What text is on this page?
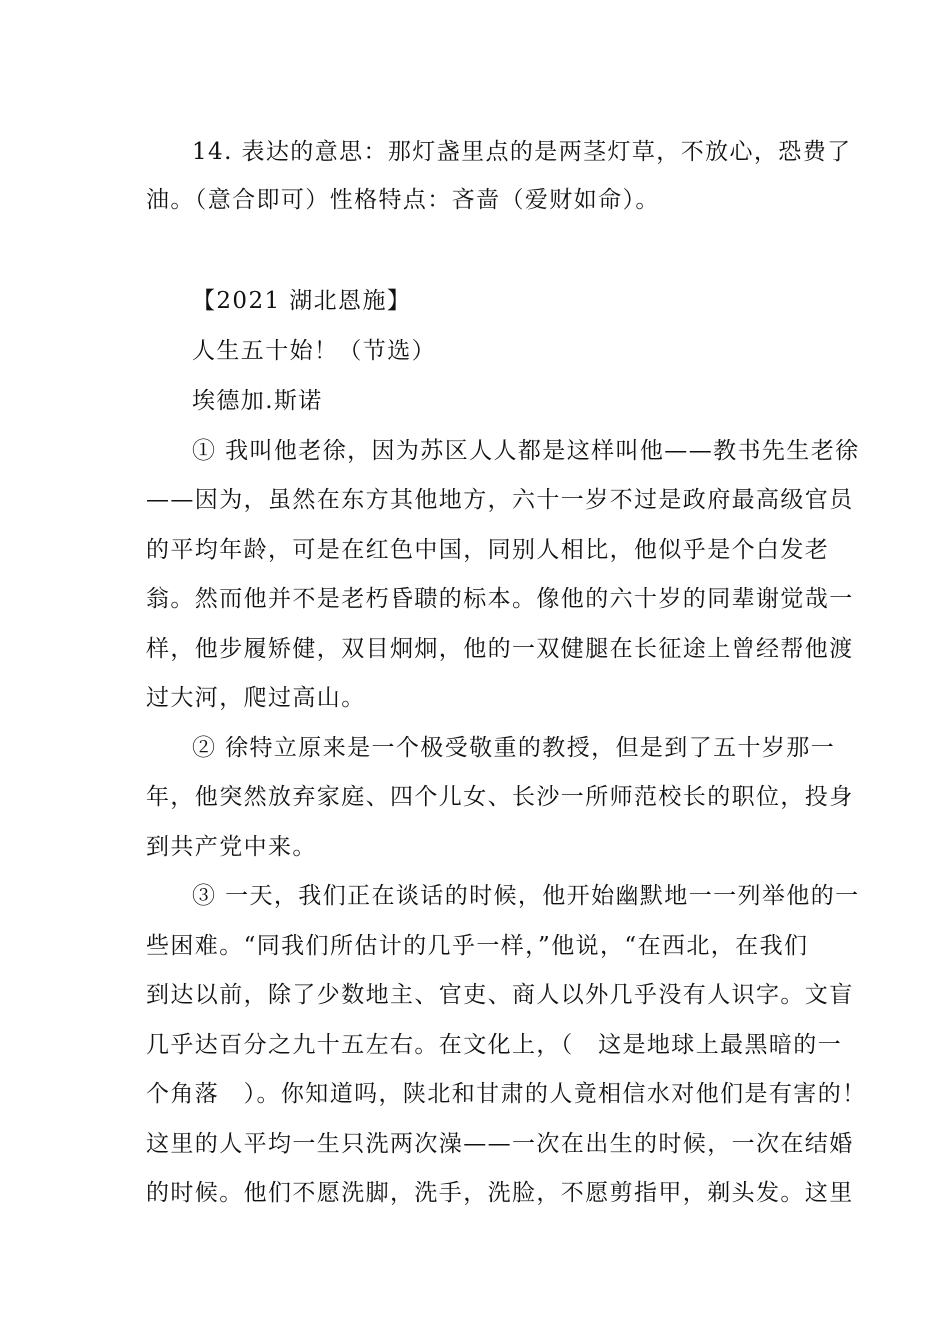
14. 表达的意思：那灯盏里点的是两茎灯草，不放心，恐费了
油。（意合即可）性格特点：吝啬（爱财如命）。
【2021 湖北恩施】
人生五十始！（节选）
埃德加.斯诺
① 我叫他老徐，因为苏区人人都是这样叫他——教书先生老徐
——因为，虽然在东方其他地方，六十一岁不过是政府最高级官员
的平均年龄，可是在红色中国，同别人相比，他似乎是个白发老
翁。然而他并不是老朽昏聩的标本。像他的六十岁的同辈谢觉哉一
样，他步履矫健，双目炯炯，他的一双健腿在长征途上曾经帮他渡
过大河，爬过高山。
② 徐特立原来是一个极受敬重的教授，但是到了五十岁那一
年，他突然放弃家庭、四个儿女、长沙一所师范校长的职位，投身
到共产党中来。
③ 一天，我们正在谈话的时候，他开始幽默地一一列举他的一
些困难。“同我们所估计的几乎一样，”他说，“在西北，在我们
到达以前，除了少数地主、官吏、商人以外几乎没有人识字。文盲
几乎达百分之九十五左右。在文化上，（　这是地球上最黑暗的一
个角落　）。你知道吗，陕北和甘肃的人竟相信水对他们是有害的！
这里的人平均一生只洗两次澡——一次在出生的时候，一次在结婚
的时候。他们不愿洗脚，洗手，洗脸，不愿剪指甲，剃头发。这里
